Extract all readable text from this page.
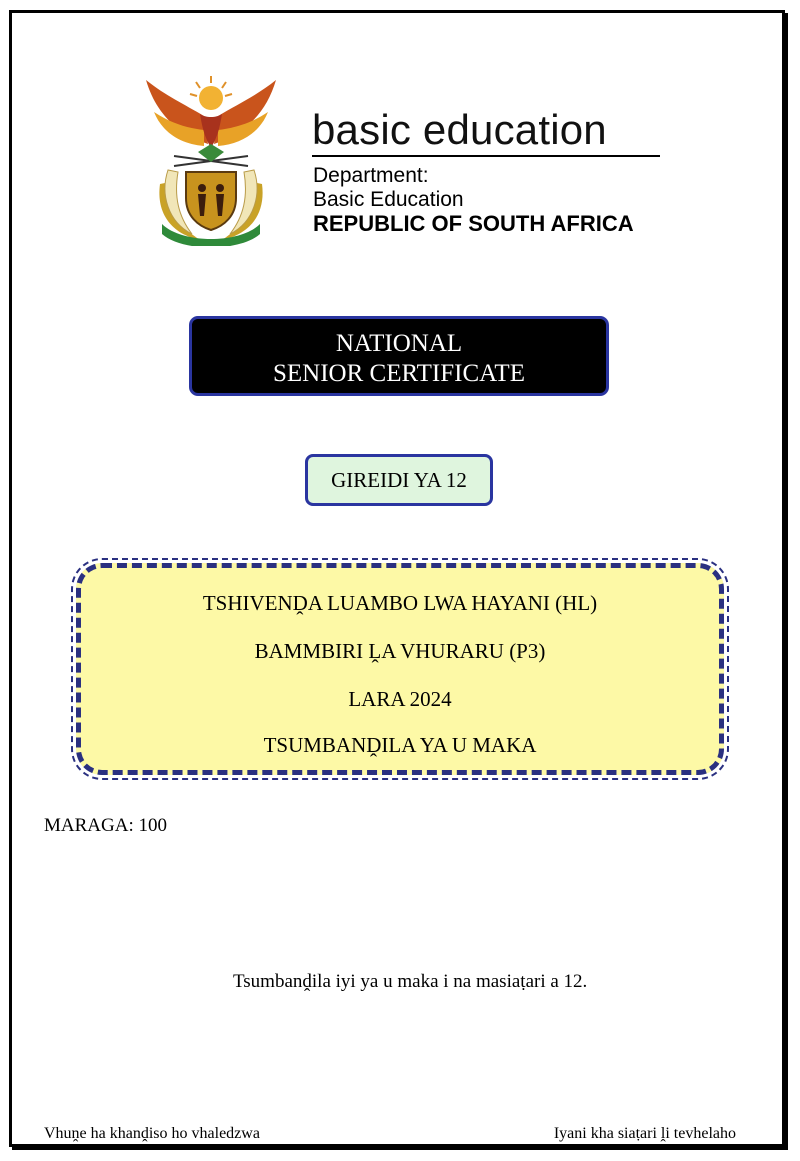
basic education
Department:
Basic Education
REPUBLIC OF SOUTH AFRICA
NATIONAL
SENIOR CERTIFICATE
GIREIDI YA 12
TSHIVENḒA LUAMBO LWA HAYANI (HL)
BAMMBIRI ḼA VHURARU (P3)
LARA 2024
TSUMBANḒILA YA U MAKA
MARAGA: 100
Tsumbanḓila iyi ya u maka i na masiaṭari a 12.
Vhuṋe ha khanḓiso ho vhaledzwa	Iyani kha siaṭari ḽi tevhelaho
